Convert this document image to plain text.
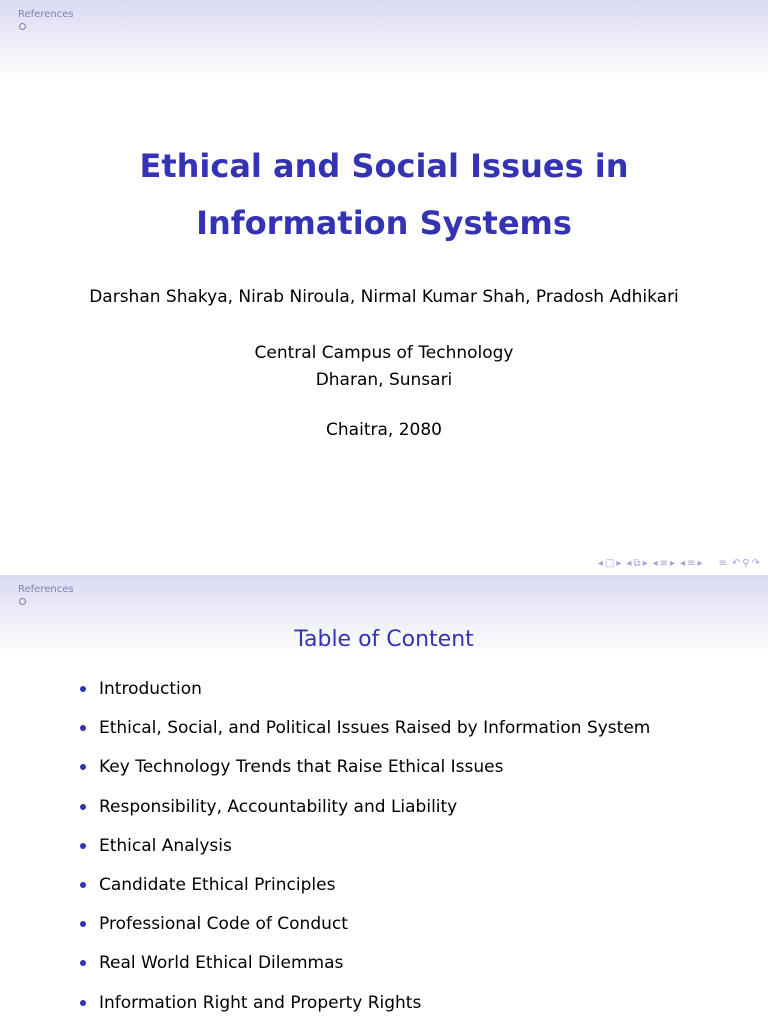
References
Ethical and Social Issues in
Information Systems
Darshan Shakya, Nirab Niroula, Nirmal Kumar Shah, Pradosh Adhikari
Central Campus of Technology
Dharan, Sunsari
Chaitra, 2080
◂ □ ▸ ◂ ⧉ ▸ ◂ ≡ ▸ ◂ ≡ ▸ ≡ ↶ ⚲ ↷
References
Table of Content
Introduction
Ethical, Social, and Political Issues Raised by Information System
Key Technology Trends that Raise Ethical Issues
Responsibility, Accountability and Liability
Ethical Analysis
Candidate Ethical Principles
Professional Code of Conduct
Real World Ethical Dilemmas
Information Right and Property Rights
